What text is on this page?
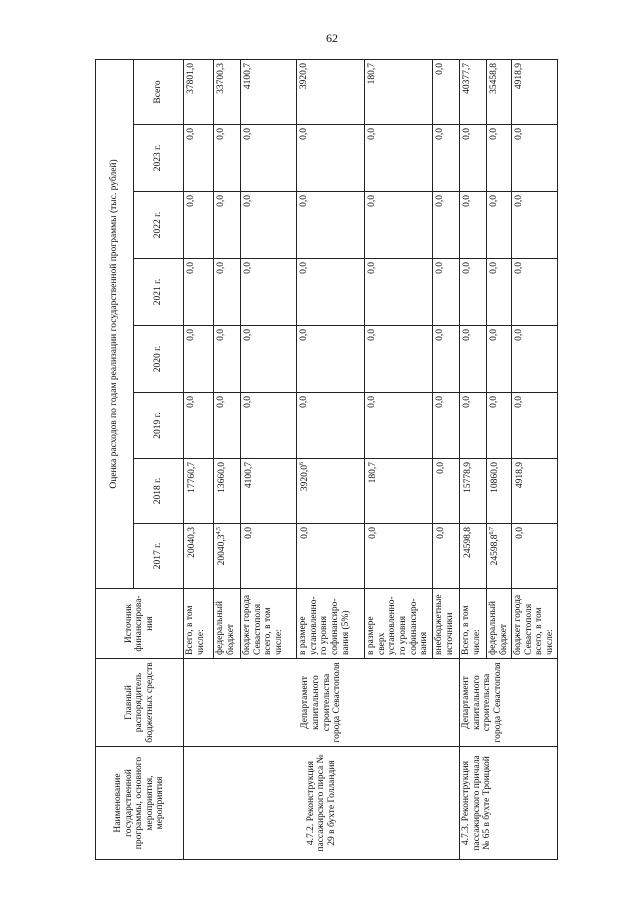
62
Наименование государственной программы, основного мероприятия, мероприятия	Главный распорядитель бюджетных средств	Источник финансирова-ния	Оценка расходов по годам реализации государственной программы (тыс. рублей)							
			2017 г.	2018 г.	2019 г.	2020 г.	2021 г.	2022 г.	2023 г.	Всего
4.7.2. Реконструкция пассажирского пирса № 29 в бухте Голландия	Департамент капитального строительства города Севастополя	Всего, в том числе:	20040,3	17760,7	0,0	0,0	0,0	0,0	0,0	37801,0
		федеральный бюджет	20040,3$^{4,5}$	13660,0	0,0	0,0	0,0	0,0	0,0	33700,3
		бюджет города Севастополя всего, в том числе:	0,0	4100,7	0,0	0,0	0,0	0,0	0,0	4100,7
		в размере установленно-го уровня софинансиро-вания (5%)	0,0	3920,0$^6$	0,0	0,0	0,0	0,0	0,0	3920,0
		в размере сверх установленно-го уровня софинансиро-вания	0,0	180,7	0,0	0,0	0,0	0,0	0,0	180,7
		внебюджетные источники	0,0	0,0	0,0	0,0	0,0	0,0	0,0	0,0
4.7.3. Реконструкция пассажирского причала № 65 в бухте Троицкой	Департамент капитального строительства города Севастополя	Всего, в том числе:	24598,8	15778,9	0,0	0,0	0,0	0,0	0,0	40377,7
		федеральный бюджет	24598,8$^{6,7}$	10860,0	0,0	0,0	0,0	0,0	0,0	35458,8
		бюджет города Севастополя всего, в том числе:	0,0	4918,9	0,0	0,0	0,0	0,0	0,0	4918,9
